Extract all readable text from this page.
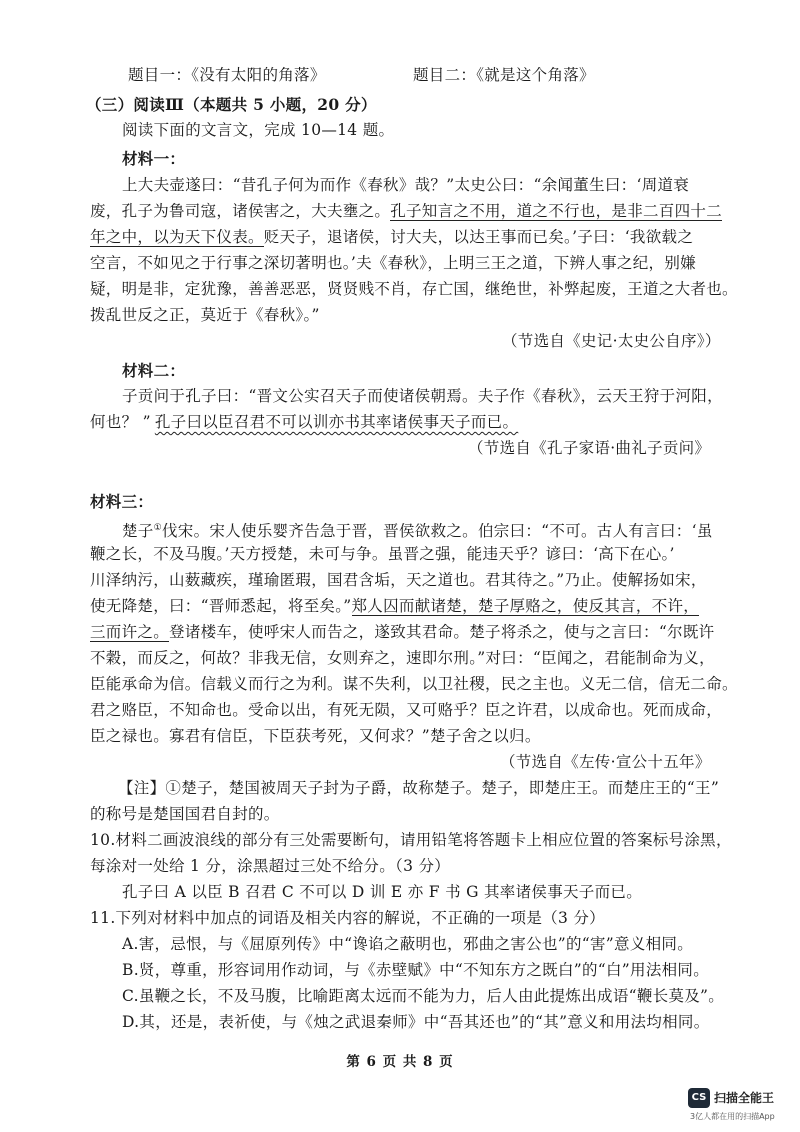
题目一：《没有太阳的角落》	题目二：《就是这个角落》
（三）阅读Ⅲ（本题共 5 小题，20 分）
阅读下面的文言文，完成 10—14 题。
材料一：
上大夫壶遂曰：“昔孔子何为而作《春秋》哉？”太史公曰：“余闻董生曰：‘周道衰
废，孔子为鲁司寇，诸侯害之，大夫壅之。孔子知言之不用，道之不行也，是非二百四十二
年之中，以为天下仪表。贬天子，退诸侯，讨大夫，以达王事而已矣。’子曰：‘我欲载之
空言，不如见之于行事之深切著明也。’夫《春秋》，上明三王之道，下辨人事之纪，别嫌
疑，明是非，定犹豫，善善恶恶，贤贤贱不肖，存亡国，继绝世，补弊起废，王道之大者也。
拨乱世反之正，莫近于《春秋》。”
（节选自《史记·太史公自序》）
材料二：
子贡问于孔子曰：“晋文公实召天子而使诸侯朝焉。夫子作《春秋》，云天王狩于河阳，
何也？ ” 孔子曰以臣召君不可以训亦书其率诸侯事天子而已。
（节选自《孔子家语·曲礼子贡问》
材料三：
楚子①伐宋。宋人使乐婴齐告急于晋，晋侯欲救之。伯宗曰：“不可。古人有言曰：‘虽
鞭之长，不及马腹。’天方授楚，未可与争。虽晋之强，能违天乎？谚曰：‘高下在心。’
川泽纳污，山薮藏疾，瑾瑜匿瑕，国君含垢，天之道也。君其待之。”乃止。使解扬如宋，
使无降楚，曰：“晋师悉起，将至矣。”郑人囚而献诸楚，楚子厚赂之，使反其言，不许，
三而许之。登诸楼车，使呼宋人而告之，遂致其君命。楚子将杀之，使与之言曰：“尔既许
不穀，而反之，何故？非我无信，女则弃之，速即尔刑。”对曰：“臣闻之，君能制命为义，
臣能承命为信。信载义而行之为利。谋不失利，以卫社稷，民之主也。义无二信，信无二命。
君之赂臣，不知命也。受命以出，有死无陨，又可赂乎？臣之许君，以成命也。死而成命，
臣之禄也。寡君有信臣，下臣获考死，又何求？”楚子舍之以归。
（节选自《左传·宣公十五年》
【注】①楚子，楚国被周天子封为子爵，故称楚子。楚子，即楚庄王。而楚庄王的“王”
的称号是楚国国君自封的。
10.材料二画波浪线的部分有三处需要断句，请用铅笔将答题卡上相应位置的答案标号涂黑，
每涂对一处给 1 分，涂黑超过三处不给分。（3 分）
孔子曰 A 以臣 B 召君 C 不可以 D 训 E 亦 F 书 G 其率诸侯事天子而已。
11.下列对材料中加点的词语及相关内容的解说，不正确的一项是（3 分）
A.害，忌恨，与《屈原列传》中“谗谄之蔽明也，邪曲之害公也”的“害”意义相同。
B.贤，尊重，形容词用作动词，与《赤壁赋》中“不知东方之既白”的“白”用法相同。
C.虽鞭之长，不及马腹，比喻距离太远而不能为力，后人由此提炼出成语“鞭长莫及”。
D.其，还是，表祈使，与《烛之武退秦师》中“吾其还也”的“其”意义和用法均相同。
第 6 页 共 8 页
CS 扫描全能王
3亿人都在用的扫描App
